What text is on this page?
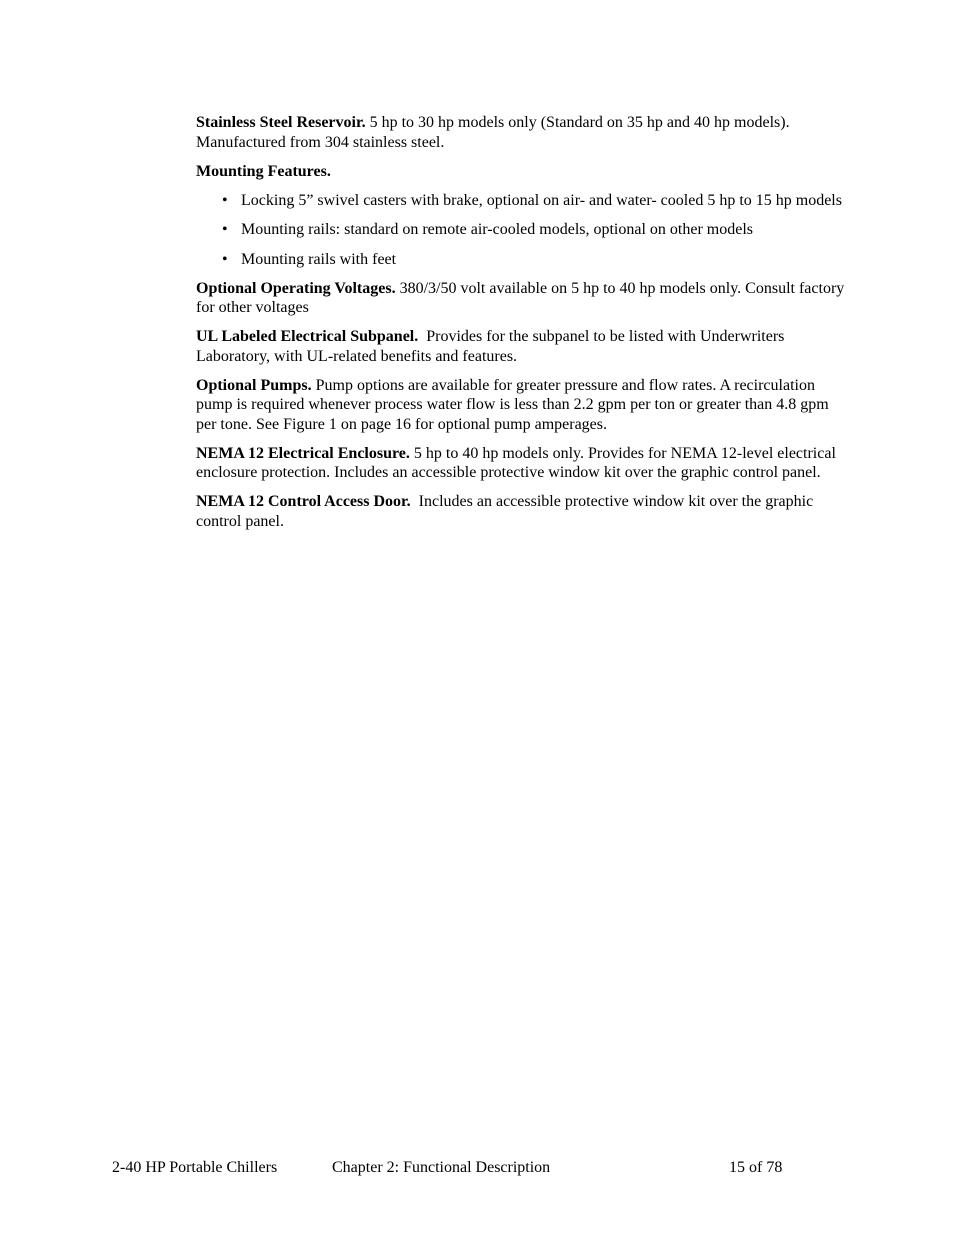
Stainless Steel Reservoir. 5 hp to 30 hp models only (Standard on 35 hp and 40 hp models). Manufactured from 304 stainless steel.

Mounting Features.

• Locking 5” swivel casters with brake, optional on air- and water- cooled 5 hp to 15 hp models
• Mounting rails: standard on remote air-cooled models, optional on other models
• Mounting rails with feet

Optional Operating Voltages. 380/3/50 volt available on 5 hp to 40 hp models only. Consult factory for other voltages

UL Labeled Electrical Subpanel.  Provides for the subpanel to be listed with Underwriters Laboratory, with UL-related benefits and features.

Optional Pumps. Pump options are available for greater pressure and flow rates. A recirculation pump is required whenever process water flow is less than 2.2 gpm per ton or greater than 4.8 gpm per tone. See Figure 1 on page 16 for optional pump amperages.

NEMA 12 Electrical Enclosure. 5 hp to 40 hp models only. Provides for NEMA 12-level electrical enclosure protection. Includes an accessible protective window kit over the graphic control panel.

NEMA 12 Control Access Door.  Includes an accessible protective window kit over the graphic control panel.

2-40 HP Portable Chillers	Chapter 2: Functional Description	15 of 78
